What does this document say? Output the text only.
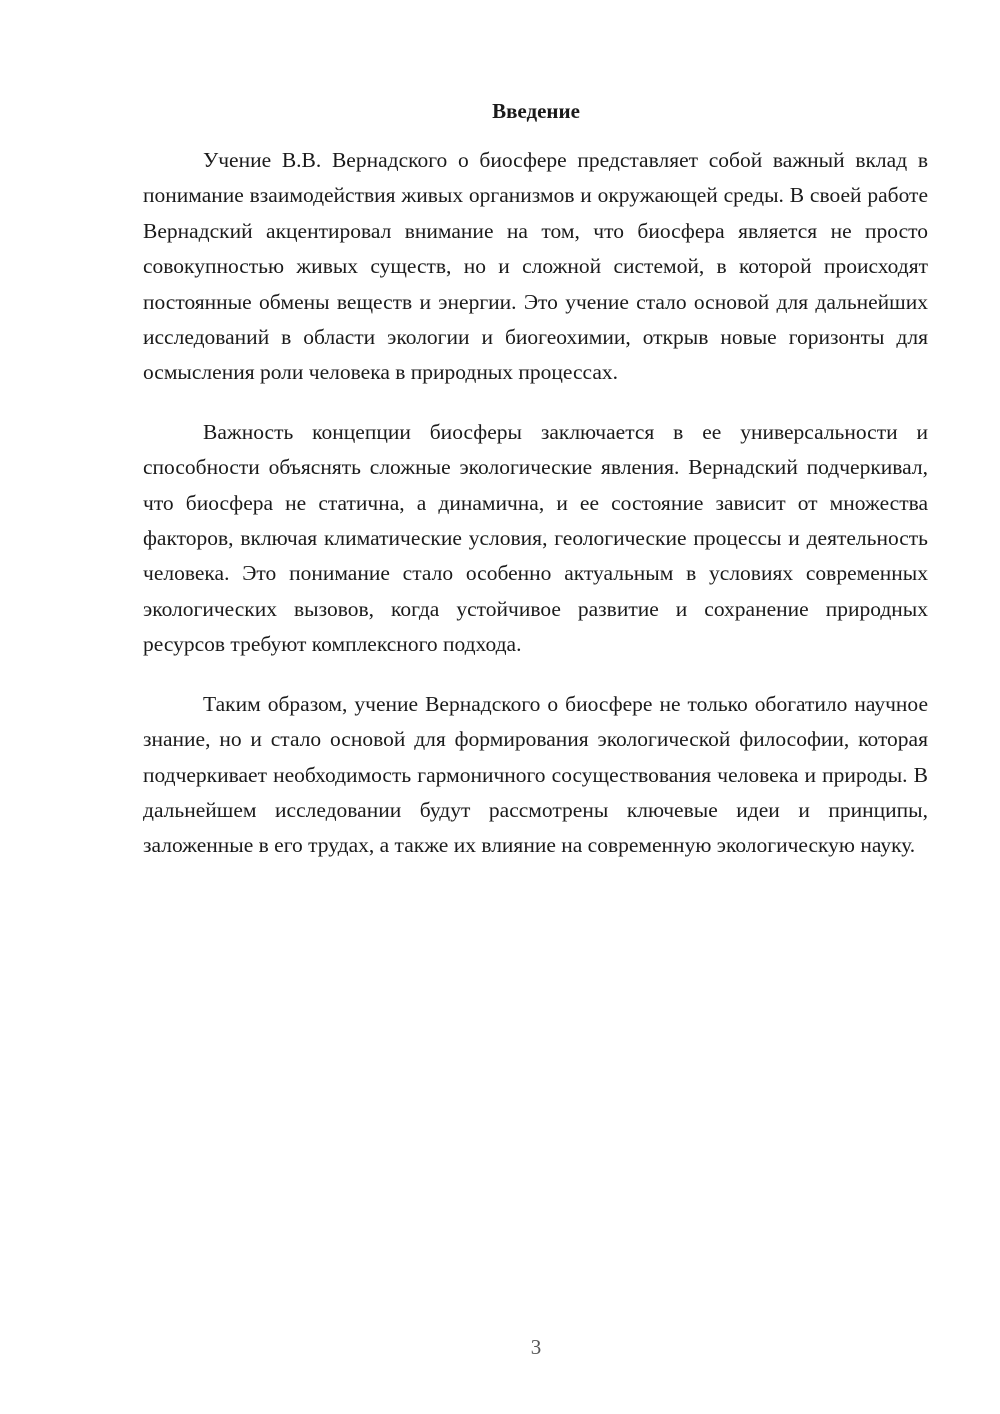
Введение

Учение В.В. Вернадского о биосфере представляет собой важный вклад в понимание взаимодействия живых организмов и окружающей среды. В своей работе Вернадский акцентировал внимание на том, что биосфера является не просто совокупностью живых существ, но и сложной системой, в которой происходят постоянные обмены веществ и энергии. Это учение стало основой для дальнейших исследований в области экологии и биогеохимии, открыв новые горизонты для осмысления роли человека в природных процессах.

Важность концепции биосферы заключается в ее универсальности и способности объяснять сложные экологические явления. Вернадский подчеркивал, что биосфера не статична, а динамична, и ее состояние зависит от множества факторов, включая климатические условия, геологические процессы и деятельность человека. Это понимание стало особенно актуальным в условиях современных экологических вызовов, когда устойчивое развитие и сохранение природных ресурсов требуют комплексного подхода.

Таким образом, учение Вернадского о биосфере не только обогатило научное знание, но и стало основой для формирования экологической философии, которая подчеркивает необходимость гармоничного сосуществования человека и природы. В дальнейшем исследовании будут рассмотрены ключевые идеи и принципы, заложенные в его трудах, а также их влияние на современную экологическую науку.

3
